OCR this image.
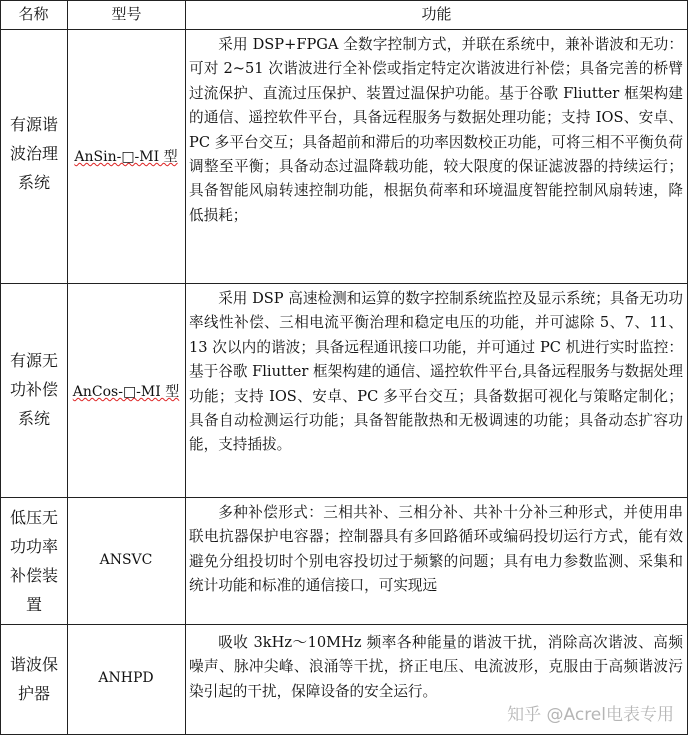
名称	型号	功能
有源谐
波治理
系统
AnSin-□-MI 型

采用 DSP+FPGA 全数字控制方式，并联在系统中，兼补谐波和无功：可对 2~51 次谐波进行全补偿或指定特定次谐波进行补偿；具备完善的桥臂过流保护、直流过压保护、装置过温保护功能。基于谷歌 Fliutter 框架构建的通信、遥控软件平台，具备远程服务与数据处理功能；支持 IOS、安卓、PC 多平台交互；具备超前和滞后的功率因数校正功能，可将三相不平衡负荷调整至平衡；具备动态过温降载功能，较大限度的保证滤波器的持续运行；具备智能风扇转速控制功能，根据负荷率和环境温度智能控制风扇转速，降低损耗；

有源无
功补偿
系统
AnCos-□-MI 型

采用 DSP 高速检测和运算的数字控制系统监控及显示系统；具备无功功率线性补偿、三相电流平衡治理和稳定电压的功能，并可滤除 5、7、11、13 次以内的谐波；具备远程通讯接口功能，并可通过 PC 机进行实时监控：基于谷歌 Fliutter 框架构建的通信、遥控软件平台,具备远程服务与数据处理功能；支持 IOS、安卓、PC 多平台交互；具备数据可视化与策略定制化；具备自动检测运行功能；具备智能散热和无极调速的功能；具备动态扩容功能，支持插拔。

低压无
功功率
补偿装
置
ANSVC

多种补偿形式：三相共补、三相分补、共补十分补三种形式，并使用串联电抗器保护电容器；控制器具有多回路循环或编码投切运行方式，能有效避免分组投切时个别电容投切过于频繁的问题；具有电力参数监测、采集和统计功能和标准的通信接口，可实现远

谐波保
护器
ANHPD

吸收 3kHz～10MHz 频率各种能量的谐波干扰，消除高次谐波、高频噪声、脉冲尖峰、浪涌等干扰，挤正电压、电流波形，克服由于高频谐波污染引起的干扰，保障设备的安全运行。

知乎 @Acrel电表专用
